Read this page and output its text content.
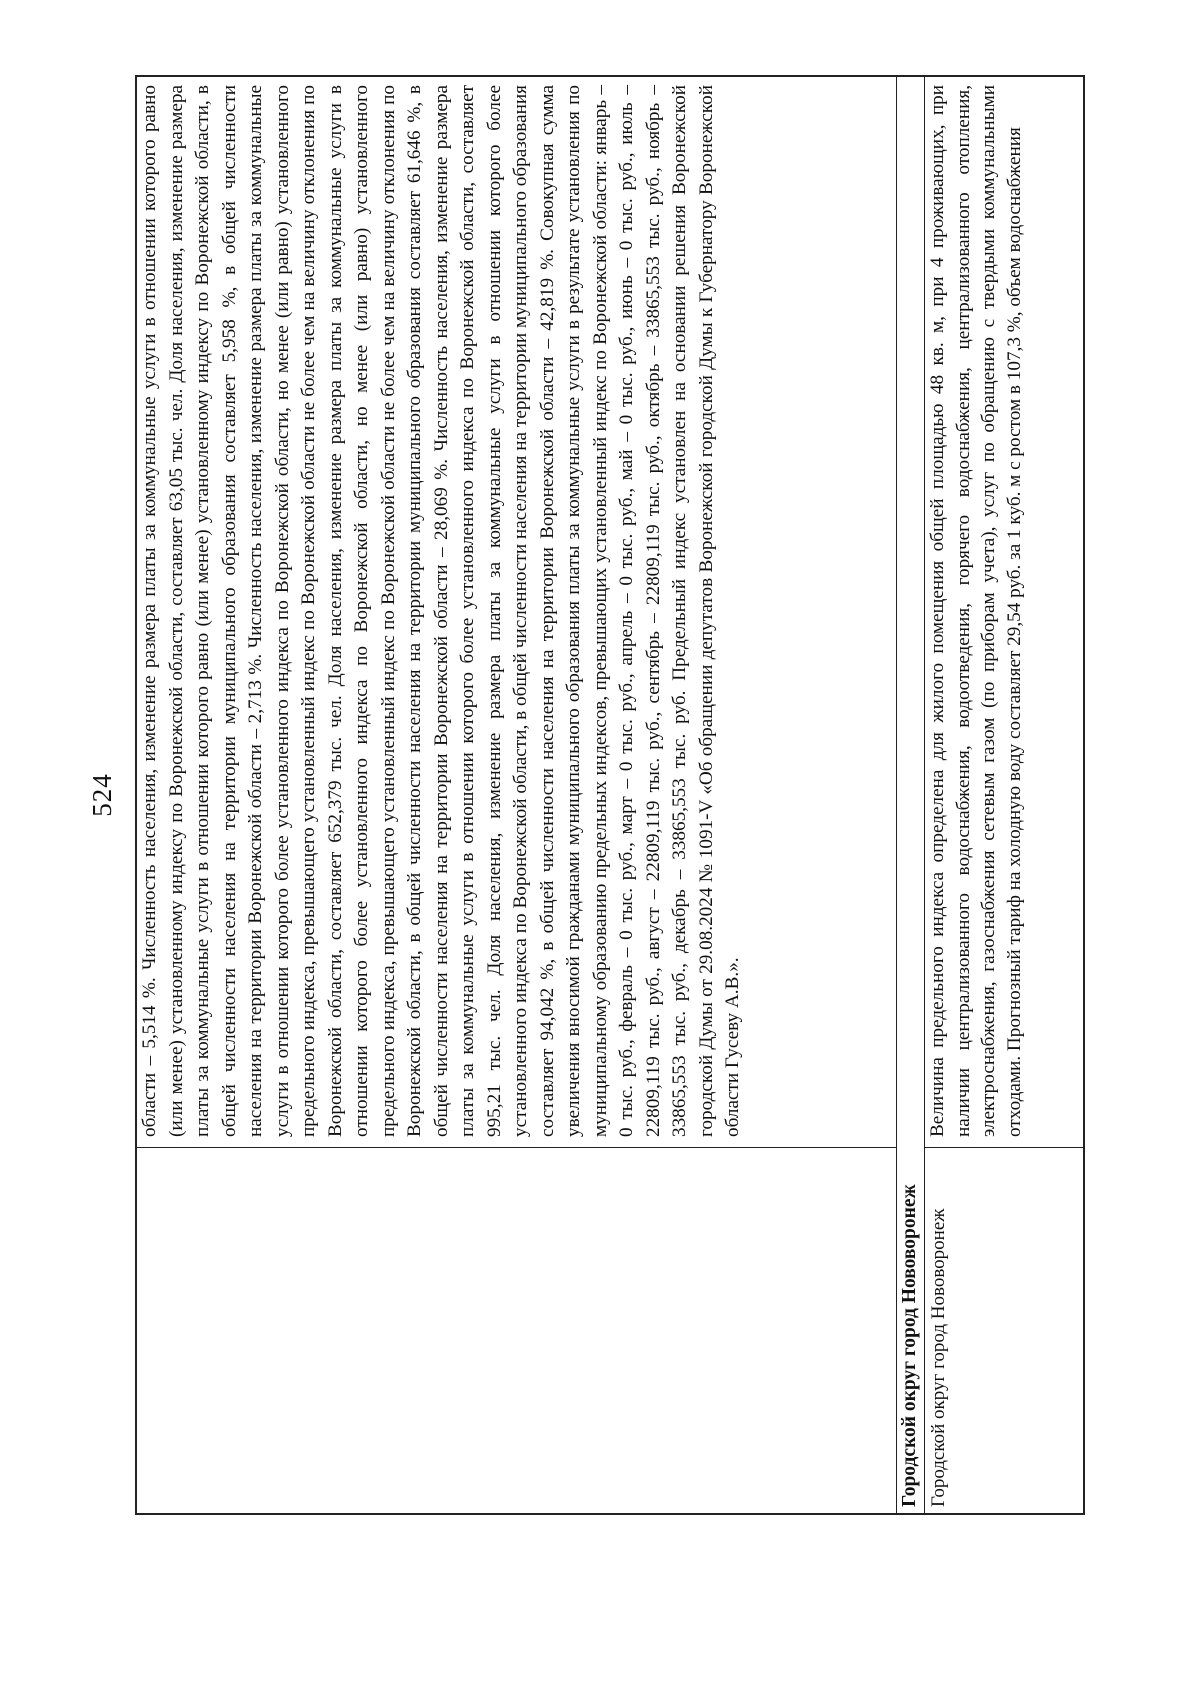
524 области – 5,514 %. Численность населения, изменение размера платы за коммунальные услуги в отношении которого равно (или менее) установленному индексу по Воронежской области, составляет 63,05 тыс. чел. Доля населения, изменение размера платы за коммунальные услуги в отношении которого равно (или менее) установленному индексу по Воронежской области, в общей численности населения на территории муниципального образования составляет 5,958 %, в общей численности населения на территории Воронежской области – 2,713 %. Численность населения, изменение размера платы за коммунальные услуги в отношении которого более установленного индекса по Воронежской области, но менее (или равно) установленного предельного индекса, превышающего установленный индекс по Воронежской области не более чем на величину отклонения по Воронежской области, составляет 652,379 тыс. чел. Доля населения, изменение размера платы за коммунальные услуги в отношении которого более установленного индекса по Воронежской области, но менее (или равно) установленного предельного индекса, превышающего установленный индекс по Воронежской области не более чем на величину отклонения по Воронежской области, в общей численности населения на территории муниципального образования составляет 61,646 %, в общей численности населения на территории Воронежской области – 28,069 %. Численность населения, изменение размера платы за коммунальные услуги в отношении которого более установленного индекса по Воронежской области, составляет 995,21 тыс. чел. Доля населения, изменение размера платы за коммунальные услуги в отношении которого более установленного индекса по Воронежской области, в общей численности населения на территории муниципального образования составляет 94,042 %, в общей численности населения на территории Воронежской области – 42,819 %. Совокупная сумма увеличения вносимой гражданами муниципального образования платы за коммунальные услуги в результате установления по муниципальному образованию предельных индексов, превышающих установленный индекс по Воронежской области: январь – 0 тыс. руб., февраль – 0 тыс. руб., март – 0 тыс. руб., апрель – 0 тыс. руб., май – 0 тыс. руб., июнь – 0 тыс. руб., июль – 22809,119 тыс. руб., август – 22809,119 тыс. руб., сентябрь – 22809,119 тыс. руб., октябрь – 33865,553 тыс. руб., ноябрь – 33865,553 тыс. руб., декабрь – 33865,553 тыс. руб. Предельный индекс установлен на основании решения Воронежской городской Думы от 29.08.2024 № 1091-V «Об обращении депутатов Воронежской городской Думы к Губернатору Воронежской области Гусеву А.В.».
Городской округ город Нововоронеж Городской округ город Нововоронеж
Величина предельного индекса определена для жилого помещения общей площадью 48 кв. м, при 4 проживающих, при наличии централизованного водоснабжения, водоотведения, горячего водоснабжения, централизованного отопления, электроснабжения, газоснабжения сетевым газом (по приборам учета), услуг по обращению с твердыми коммунальными отходами. Прогнозный тариф на холодную воду составляет 29,54 руб. за 1 куб. м с ростом в 107,3 %, объем водоснабжения
